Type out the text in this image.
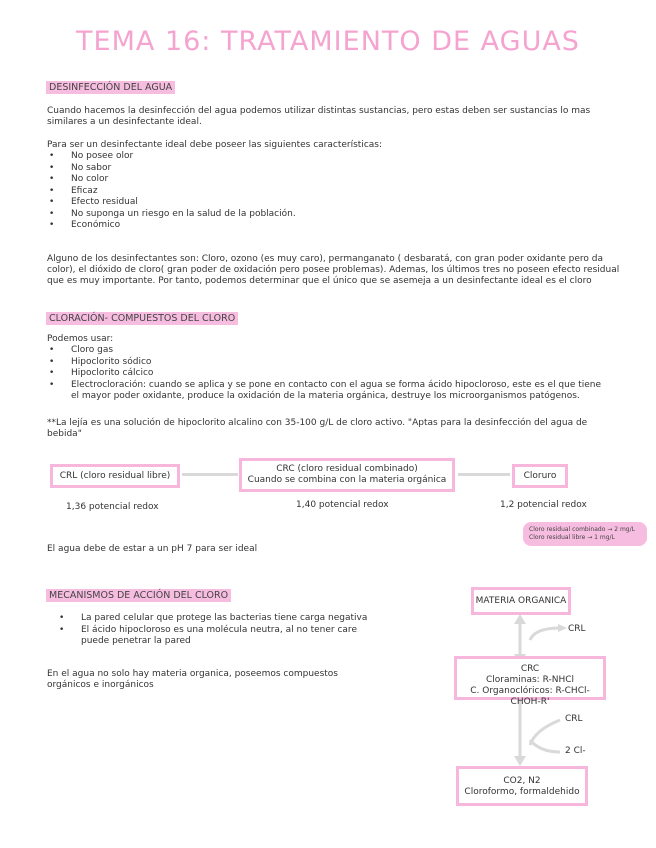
TEMA 16: TRATAMIENTO DE AGUAS
DESINFECCIÓN DEL AGUA
Cuando hacemos la desinfección del agua podemos utilizar distintas sustancias, pero estas deben ser sustancias lo mas
similares a un desinfectante ideal.
Para ser un desinfectante ideal debe poseer las siguientes características:
• No posee olor
• No sabor
• No color
• Eficaz
• Efecto residual
• No suponga un riesgo en la salud de la población.
• Económico
Alguno de los desinfectantes son: Cloro, ozono (es muy caro), permanganato ( desbaratá, con gran poder oxidante pero da
color), el dióxido de cloro( gran poder de oxidación pero posee problemas). Ademas, los últimos tres no poseen efecto residual
que es muy importante. Por tanto, podemos determinar que el único que se asemeja a un desinfectante ideal es el cloro
CLORACIÓN- COMPUESTOS DEL CLORO
Podemos usar:
• Cloro gas
• Hipoclorito sódico
• Hipoclorito cálcico
• Electrocloración: cuando se aplica y se pone en contacto con el agua se forma ácido hipocloroso, este es el que tiene
el mayor poder oxidante, produce la oxidación de la materia orgánica, destruye los microorganismos patógenos.
**La lejía es una solución de hipoclorito alcalino con 35-100 g/L de cloro activo. "Aptas para la desinfección del agua de
bebida"
CRL (cloro residual libre)
CRC (cloro residual combinado)
Cuando se combina con la materia orgánica	Cloruro
1,36 potencial redox	1,40 potencial redox	1,2 potencial redox
Cloro residual combinado → 2 mg/L
Cloro residual libre → 1 mg/L
El agua debe de estar a un pH 7 para ser ideal
MECANISMOS DE ACCIÓN DEL CLORO
• La pared celular que protege las bacterias tiene carga negativa
• El ácido hipocloroso es una molécula neutra, al no tener care
puede penetrar la pared
En el agua no solo hay materia organica, poseemos compuestos
orgánicos e inorgánicos
MATERIA ORGANICA
CRL
CRC
Cloraminas: R-NHCl
C. Organoclóricos: R-CHCl-CHOH-R'
CRL
2 Cl-
CO2, N2
Cloroformo, formaldehido
